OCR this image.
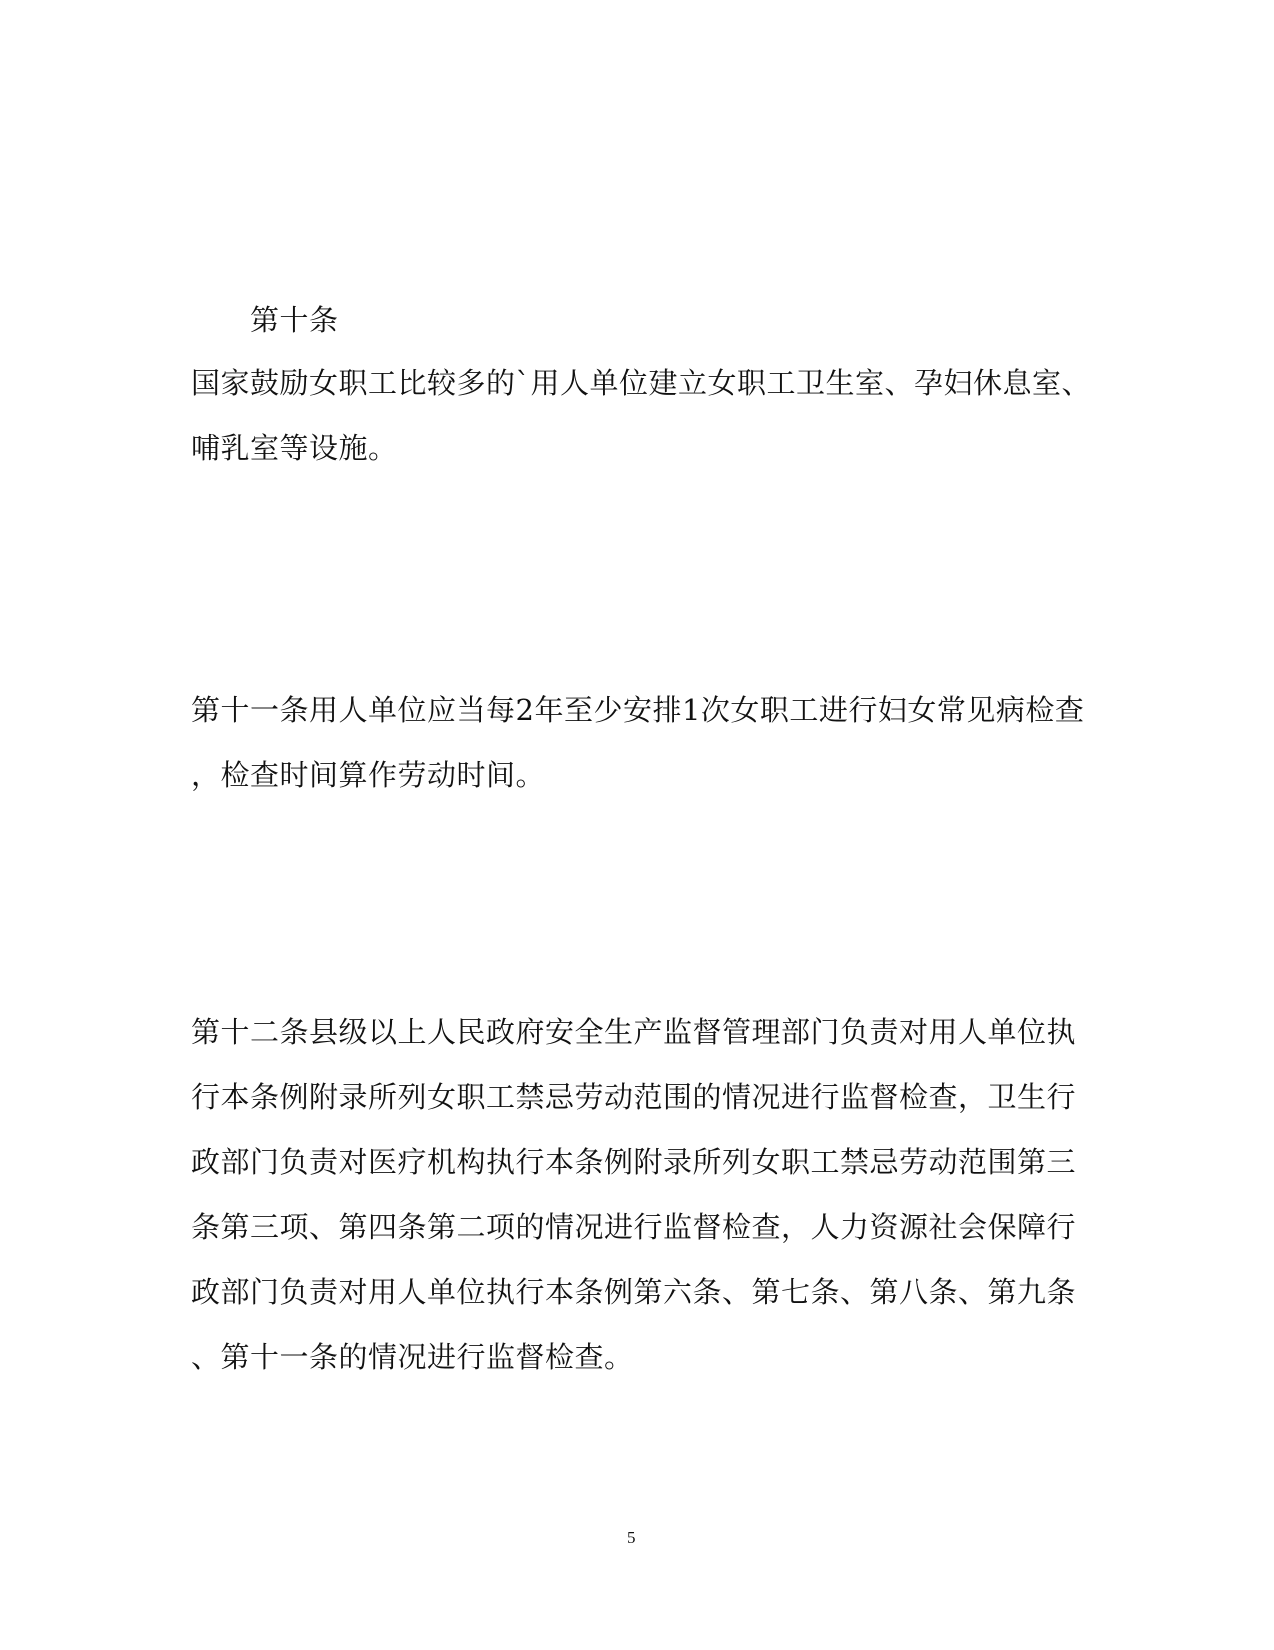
第十条
国家鼓励女职工比较多的`用人单位建立女职工卫生室、孕妇休息室、
哺乳室等设施。
第十一条用人单位应当每2年至少安排1次女职工进行妇女常见病检查
，检查时间算作劳动时间。
第十二条县级以上人民政府安全生产监督管理部门负责对用人单位执
行本条例附录所列女职工禁忌劳动范围的情况进行监督检查，卫生行
政部门负责对医疗机构执行本条例附录所列女职工禁忌劳动范围第三
条第三项、第四条第二项的情况进行监督检查，人力资源社会保障行
政部门负责对用人单位执行本条例第六条、第七条、第八条、第九条
、第十一条的情况进行监督检查。
5
